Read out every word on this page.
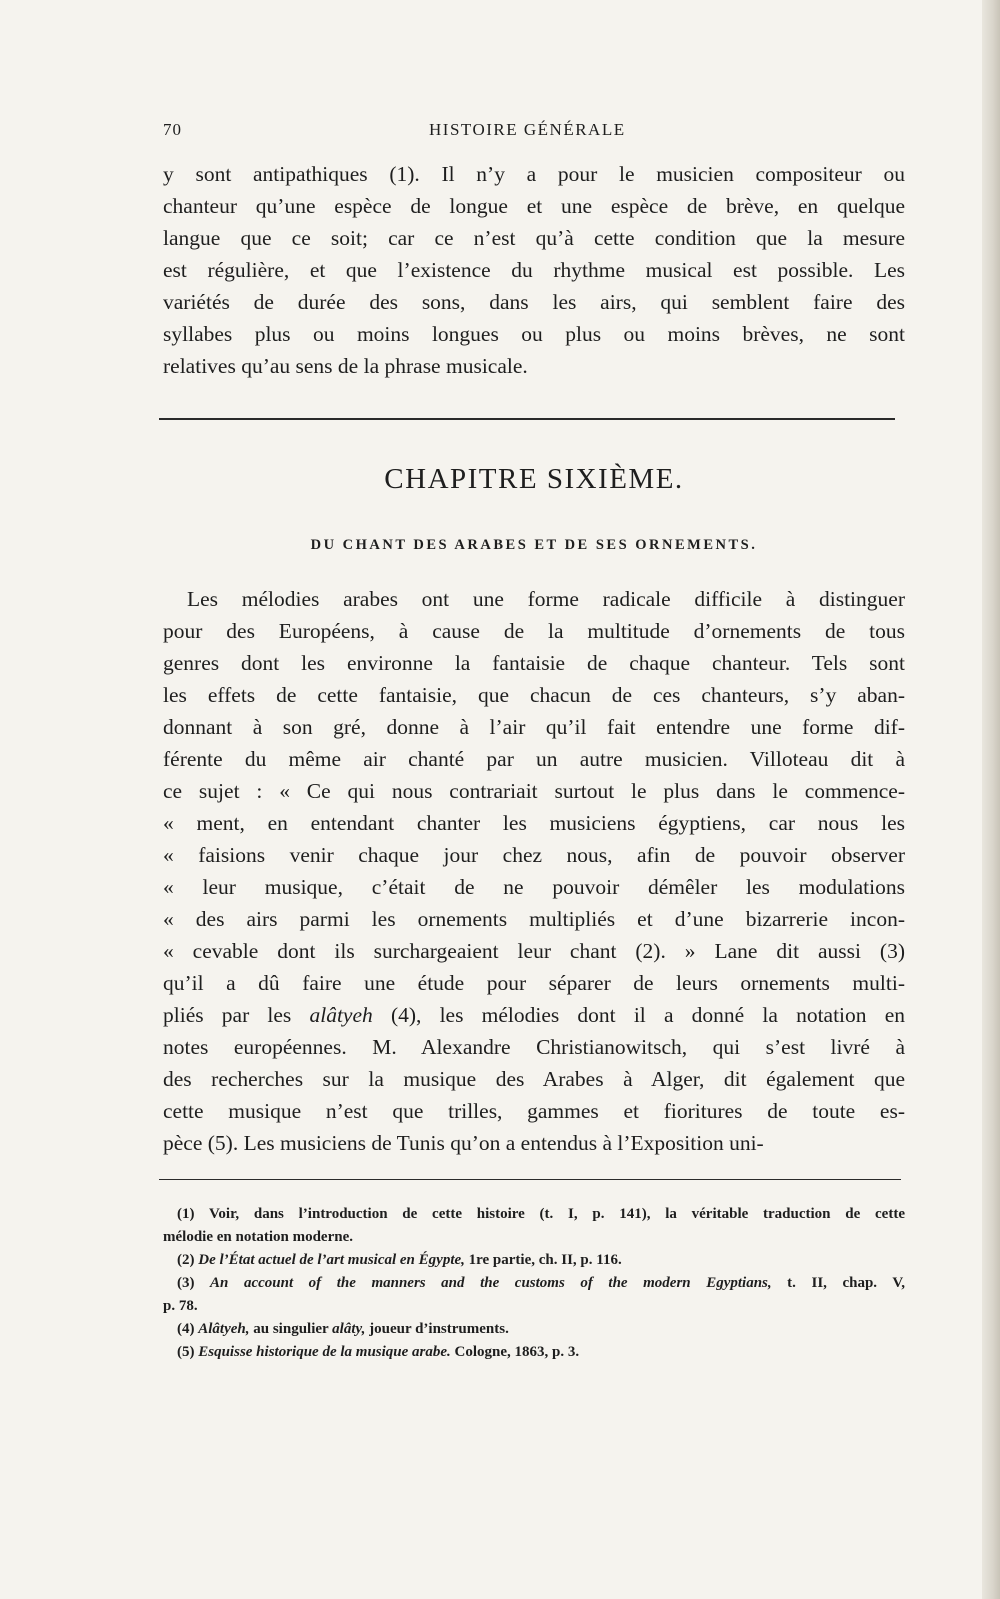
70	HISTOIRE GÉNÉRALE
y sont antipathiques (1). Il n’y a pour le musicien compositeur ou
chanteur qu’une espèce de longue et une espèce de brève, en quelque
langue que ce soit; car ce n’est qu’à cette condition que la mesure
est régulière, et que l’existence du rhythme musical est possible. Les
variétés de durée des sons, dans les airs, qui semblent faire des
syllabes plus ou moins longues ou plus ou moins brèves, ne sont
relatives qu’au sens de la phrase musicale.
CHAPITRE SIXIÈME.
DU CHANT DES ARABES ET DE SES ORNEMENTS.
Les mélodies arabes ont une forme radicale difficile à distinguer
pour des Européens, à cause de la multitude d’ornements de tous
genres dont les environne la fantaisie de chaque chanteur. Tels sont
les effets de cette fantaisie, que chacun de ces chanteurs, s’y aban-
donnant à son gré, donne à l’air qu’il fait entendre une forme dif-
férente du même air chanté par un autre musicien. Villoteau dit à
ce sujet : « Ce qui nous contrariait surtout le plus dans le commence-
« ment, en entendant chanter les musiciens égyptiens, car nous les
« faisions venir chaque jour chez nous, afin de pouvoir observer
« leur musique, c’était de ne pouvoir démêler les modulations
« des airs parmi les ornements multipliés et d’une bizarrerie incon-
« cevable dont ils surchargeaient leur chant (2). » Lane dit aussi (3)
qu’il a dû faire une étude pour séparer de leurs ornements multi-
pliés par les alâtyeh (4), les mélodies dont il a donné la notation en
notes européennes. M. Alexandre Christianowitsch, qui s’est livré à
des recherches sur la musique des Arabes à Alger, dit également que
cette musique n’est que trilles, gammes et fioritures de toute es-
pèce (5). Les musiciens de Tunis qu’on a entendus à l’Exposition uni-
(1) Voir, dans l’introduction de cette histoire (t. I, p. 141), la véritable traduction de cette
mélodie en notation moderne.
(2) De l’État actuel de l’art musical en Égypte, 1re partie, ch. II, p. 116.
(3) An account of the manners and the customs of the modern Egyptians, t. II, chap. V,
p. 78.
(4) Alâtyeh, au singulier alâty, joueur d’instruments.
(5) Esquisse historique de la musique arabe. Cologne, 1863, p. 3.
